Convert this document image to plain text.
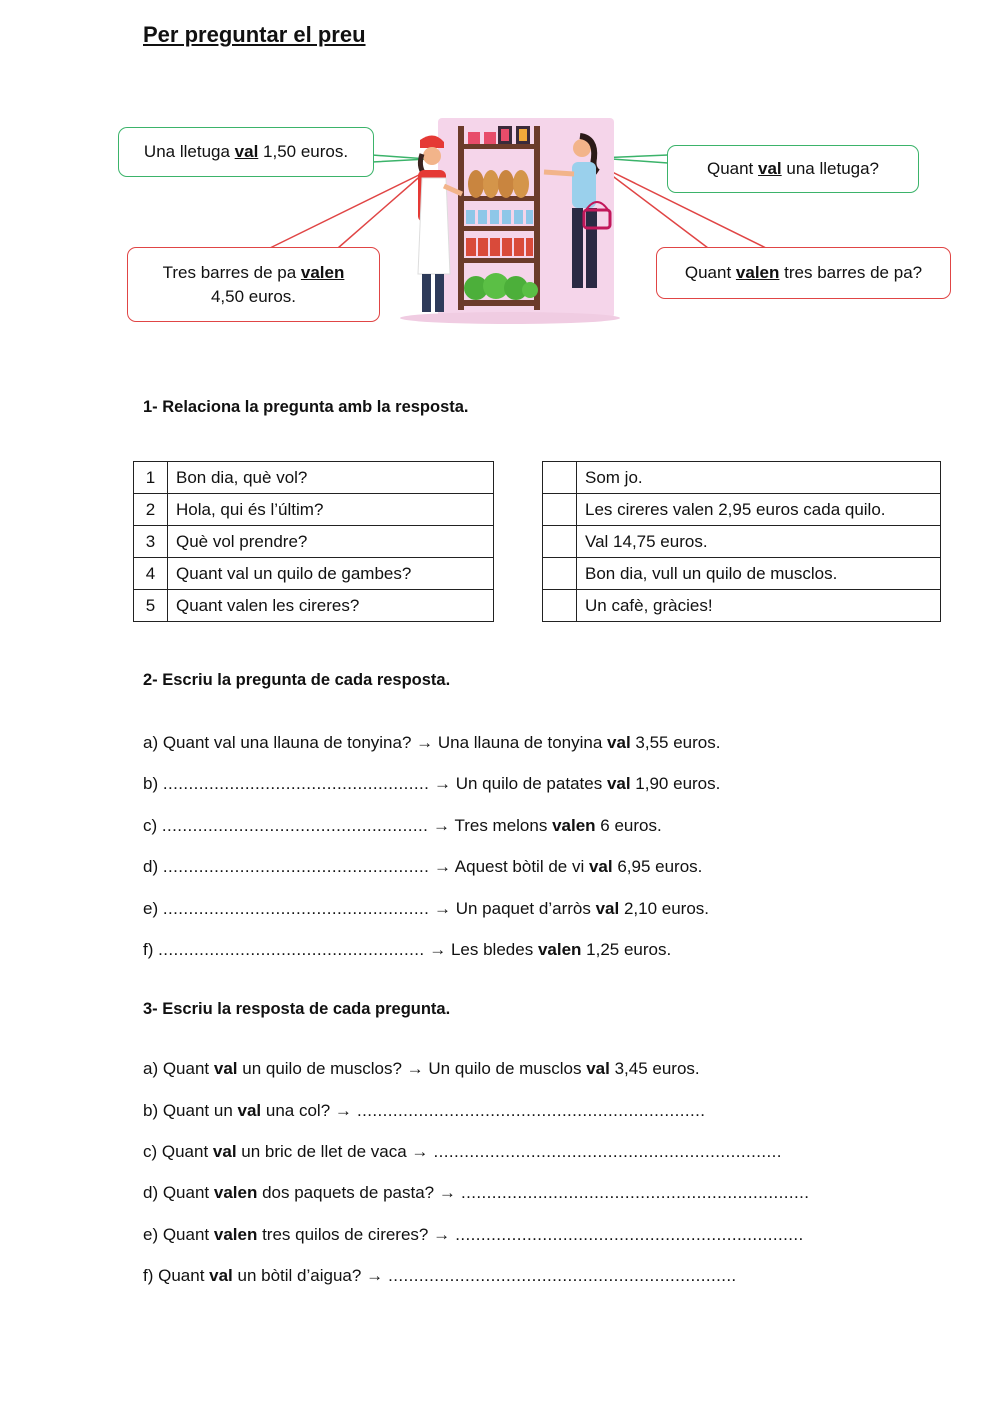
Per preguntar el preu
Una lletuga val 1,50 euros.
Quant val una lletuga?
Tres barres de pa valen
4,50 euros.
Quant valen tres barres de pa?
1- Relaciona la pregunta amb la resposta.
1	Bon dia, què vol?
2	Hola, qui és l’últim?
3	Què vol prendre?
4	Quant val un quilo de gambes?
5	Quant valen les cireres?
	Som jo.
	Les cireres valen 2,95 euros cada quilo.
	Val 14,75 euros.
	Bon dia, vull un quilo de musclos.
	Un cafè, gràcies!
2- Escriu la pregunta de cada resposta.
a) Quant val una llauna de tonyina? → Una llauna de tonyina val 3,55 euros.
b) .................................................... → Un quilo de patates val 1,90 euros.
c) .................................................... → Tres melons valen 6 euros.
d) .................................................... → Aquest bòtil de vi val 6,95 euros.
e) .................................................... → Un paquet d’arròs val 2,10 euros.
f) .................................................... → Les bledes valen 1,25 euros.
3- Escriu la resposta de cada pregunta.
a) Quant val un quilo de musclos? → Un quilo de musclos val 3,45 euros.
b) Quant un val una col? → ....................................................................
c) Quant val un bric de llet de vaca → ....................................................................
d) Quant valen dos paquets de pasta? → ....................................................................
e) Quant valen tres quilos de cireres? → ....................................................................
f) Quant val un bòtil d’aigua? → ....................................................................
